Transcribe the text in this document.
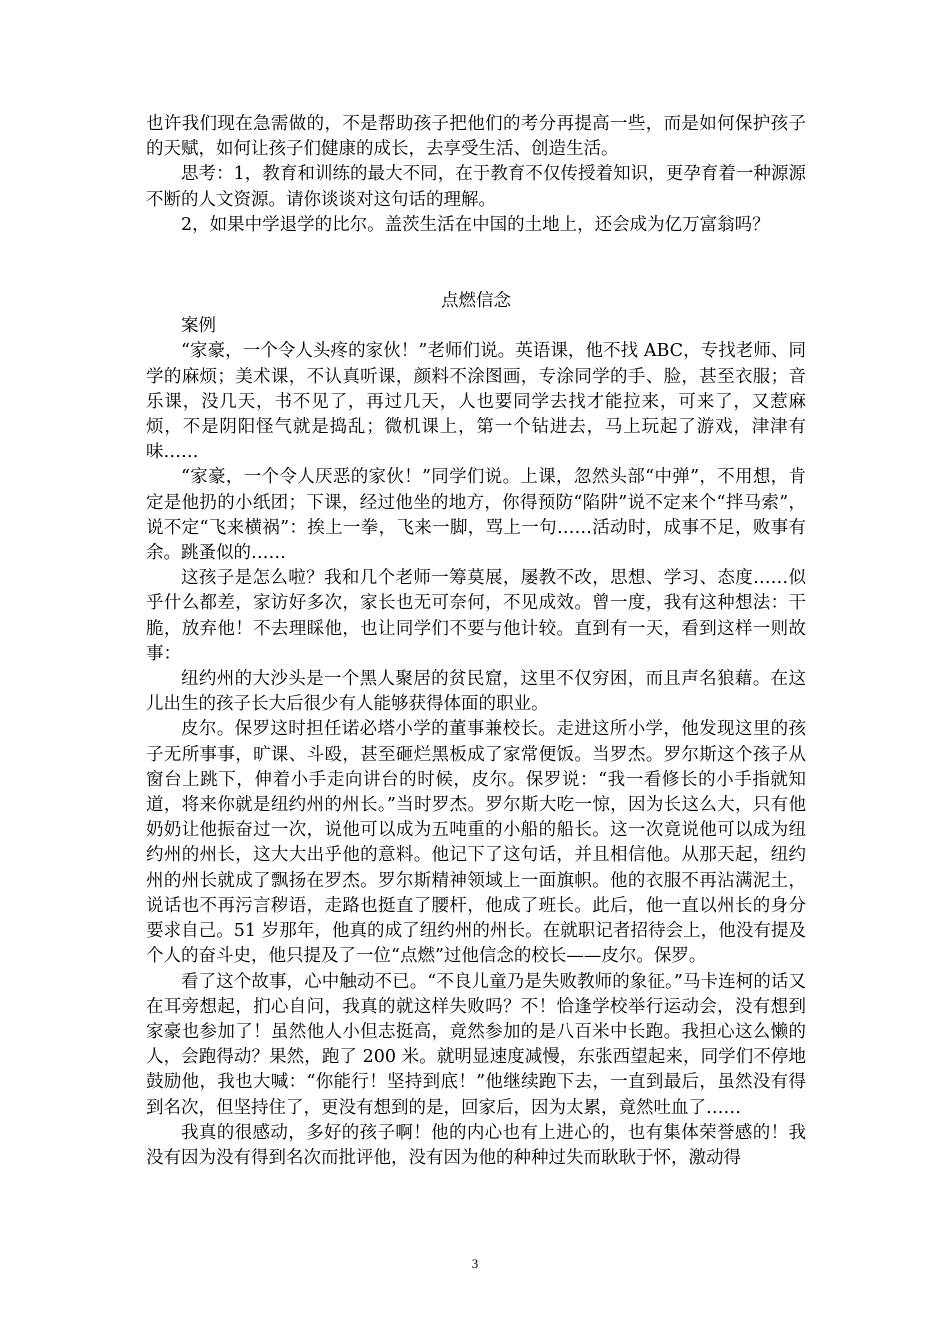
也许我们现在急需做的，不是帮助孩子把他们的考分再提高一些，而是如何保护孩子的天赋，如何让孩子们健康的成长，去享受生活、创造生活。

思考：1，教育和训练的最大不同，在于教育不仅传授着知识，更孕育着一种源源不断的人文资源。请你谈谈对这句话的理解。

2，如果中学退学的比尔。盖茨生活在中国的土地上，还会成为亿万富翁吗？

点燃信念

案例

“家豪，一个令人头疼的家伙！”老师们说。英语课，他不找 ABC，专找老师、同学的麻烦；美术课，不认真听课，颜料不涂图画，专涂同学的手、脸，甚至衣服；音乐课，没几天，书不见了，再过几天，人也要同学去找才能拉来，可来了，又惹麻烦，不是阴阳怪气就是捣乱；微机课上，第一个钻进去，马上玩起了游戏，津津有味……

“家豪，一个令人厌恶的家伙！”同学们说。上课，忽然头部“中弹”，不用想，肯定是他扔的小纸团；下课，经过他坐的地方，你得预防“陷阱”说不定来个“拌马索”，说不定“飞来横祸”：挨上一拳，飞来一脚，骂上一句……活动时，成事不足，败事有余。跳蚤似的……

这孩子是怎么啦？我和几个老师一筹莫展，屡教不改，思想、学习、态度……似乎什么都差，家访好多次，家长也无可奈何，不见成效。曾一度，我有这种想法：干脆，放弃他！不去理睬他，也让同学们不要与他计较。直到有一天，看到这样一则故事：

纽约州的大沙头是一个黑人聚居的贫民窟，这里不仅穷困，而且声名狼藉。在这儿出生的孩子长大后很少有人能够获得体面的职业。

皮尔。保罗这时担任诺必塔小学的董事兼校长。走进这所小学，他发现这里的孩子无所事事，旷课、斗殴，甚至砸烂黑板成了家常便饭。当罗杰。罗尔斯这个孩子从窗台上跳下，伸着小手走向讲台的时候，皮尔。保罗说：“我一看修长的小手指就知道，将来你就是纽约州的州长。”当时罗杰。罗尔斯大吃一惊，因为长这么大，只有他奶奶让他振奋过一次，说他可以成为五吨重的小船的船长。这一次竟说他可以成为纽约州的州长，这大大出乎他的意料。他记下了这句话，并且相信他。从那天起，纽约州的州长就成了飘扬在罗杰。罗尔斯精神领域上一面旗帜。他的衣服不再沾满泥土，说话也不再污言秽语，走路也挺直了腰杆，他成了班长。此后，他一直以州长的身分要求自己。51 岁那年，他真的成了纽约州的州长。在就职记者招待会上，他没有提及个人的奋斗史，他只提及了一位“点燃”过他信念的校长——皮尔。保罗。

看了这个故事，心中触动不已。“不良儿童乃是失败教师的象征。”马卡连柯的话又在耳旁想起，扪心自问，我真的就这样失败吗？不！恰逢学校举行运动会，没有想到家豪也参加了！虽然他人小但志挺高，竟然参加的是八百米中长跑。我担心这么懒的人，会跑得动？果然，跑了 200 米。就明显速度减慢，东张西望起来，同学们不停地鼓励他，我也大喊：“你能行！坚持到底！”他继续跑下去，一直到最后，虽然没有得到名次，但坚持住了，更没有想到的是，回家后，因为太累，竟然吐血了……

我真的很感动，多好的孩子啊！他的内心也有上进心的，也有集体荣誉感的！我没有因为没有得到名次而批评他，没有因为他的种种过失而耿耿于怀，激动得

3
